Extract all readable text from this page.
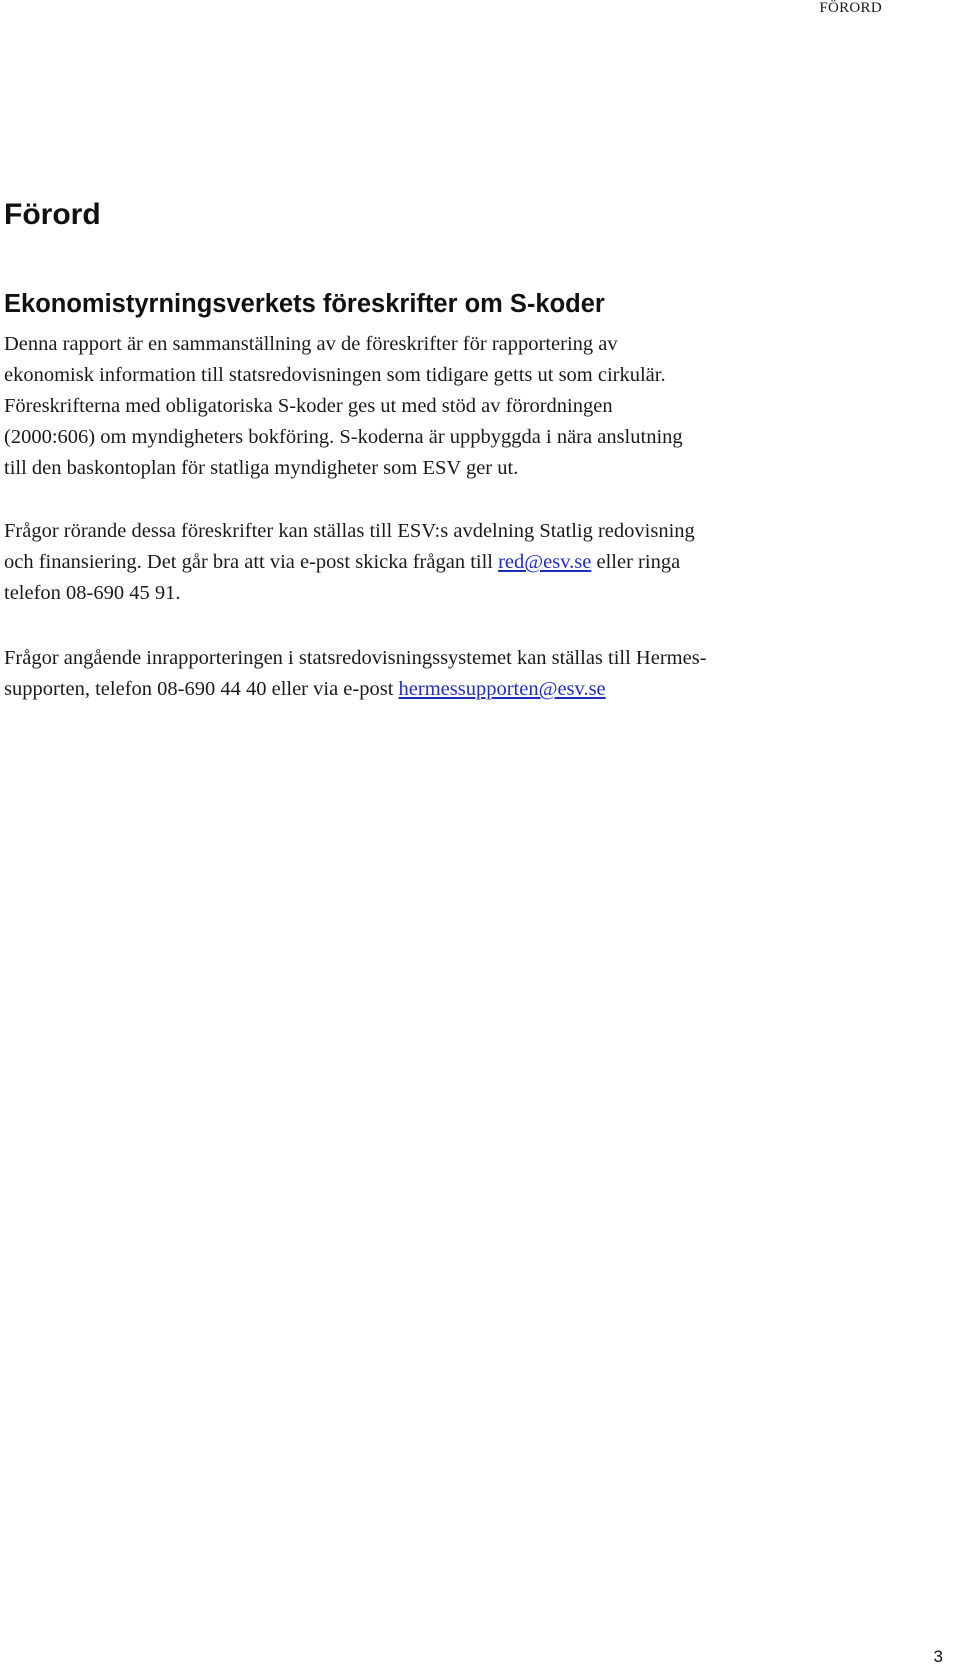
FÖRORD
Förord
Ekonomistyrningsverkets föreskrifter om S-koder

Denna rapport är en sammanställning av de föreskrifter för rapportering av
ekonomisk information till statsredovisningen som tidigare getts ut som cirkulär.
Föreskrifterna med obligatoriska S-koder ges ut med stöd av förordningen
(2000:606) om myndigheters bokföring. S-koderna är uppbyggda i nära anslutning
till den baskontoplan för statliga myndigheter som ESV ger ut.

Frågor rörande dessa föreskrifter kan ställas till ESV:s avdelning Statlig redovisning
och finansiering. Det går bra att via e-post skicka frågan till red@esv.se eller ringa
telefon 08-690 45 91.

Frågor angående inrapporteringen i statsredovisningssystemet kan ställas till Hermes-
supporten, telefon 08-690 44 40 eller via e-post hermessupporten@esv.se

3
